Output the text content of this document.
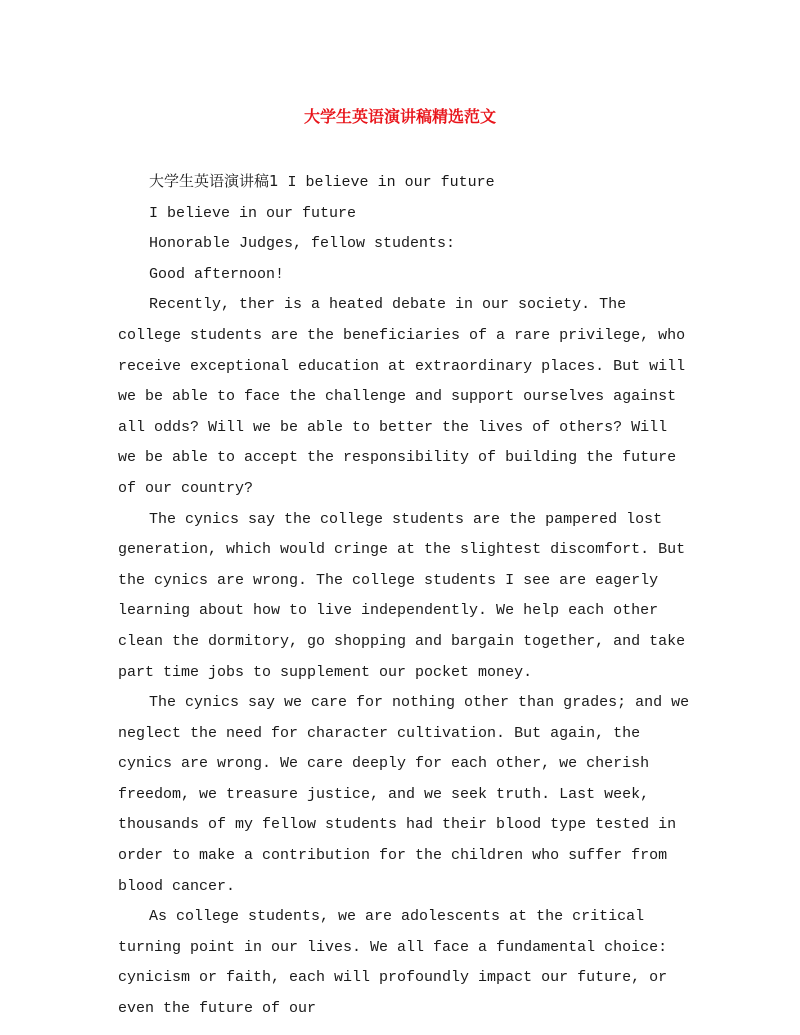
大学生英语演讲稿精选范文

大学生英语演讲稿1 I believe in our future

I believe in our future

Honorable Judges, fellow students:

Good afternoon!

Recently, ther is a heated debate in our society. The college students are the beneficiaries of a rare privilege, who receive exceptional education at extraordinary places. But will we be able to face the challenge and support ourselves against all odds? Will we be able to better the lives of others? Will we be able to accept the responsibility of building the future of our country?

The cynics say the college students are the pampered lost generation, which would cringe at the slightest discomfort. But the cynics are wrong. The college students I see are eagerly learning about how to live independently. We help each other clean the dormitory, go shopping and bargain together, and take part time jobs to supplement our pocket money.

The cynics say we care for nothing other than grades; and we neglect the need for character cultivation. But again, the cynics are wrong. We care deeply for each other, we cherish freedom, we treasure justice, and we seek truth. Last week, thousands of my fellow students had their blood type tested in order to make a contribution for the children who suffer from blood cancer.

As college students, we are adolescents at the critical turning point in our lives. We all face a fundamental choice: cynicism or faith, each will profoundly impact our future, or even the future of our
